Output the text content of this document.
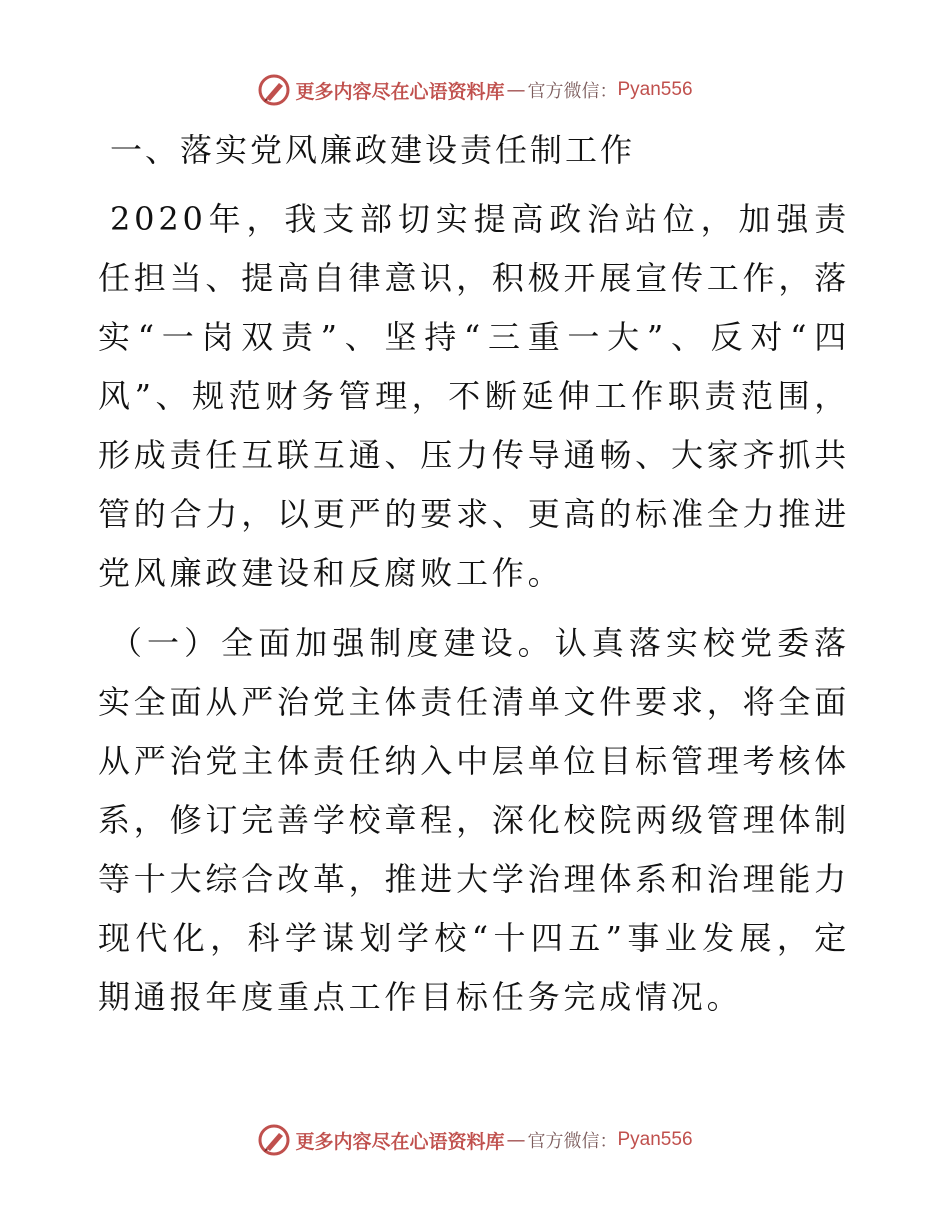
更多内容尽在心语资料库 — 官方微信： Pyan556
一、落实党风廉政建设责任制工作

2020年，我支部切实提高政治站位，加强责任担当、提高自律意识，积极开展宣传工作，落实“一岗双责”、坚持“三重一大”、反对“四风”、规范财务管理，不断延伸工作职责范围，形成责任互联互通、压力传导通畅、大家齐抓共管的合力，以更严的要求、更高的标准全力推进党风廉政建设和反腐败工作。

（一）全面加强制度建设。认真落实校党委落实全面从严治党主体责任清单文件要求，将全面从严治党主体责任纳入中层单位目标管理考核体系，修订完善学校章程，深化校院两级管理体制等十大综合改革，推进大学治理体系和治理能力现代化，科学谋划学校“十四五”事业发展，定期通报年度重点工作目标任务完成情况。

更多内容尽在心语资料库 — 官方微信： Pyan556
